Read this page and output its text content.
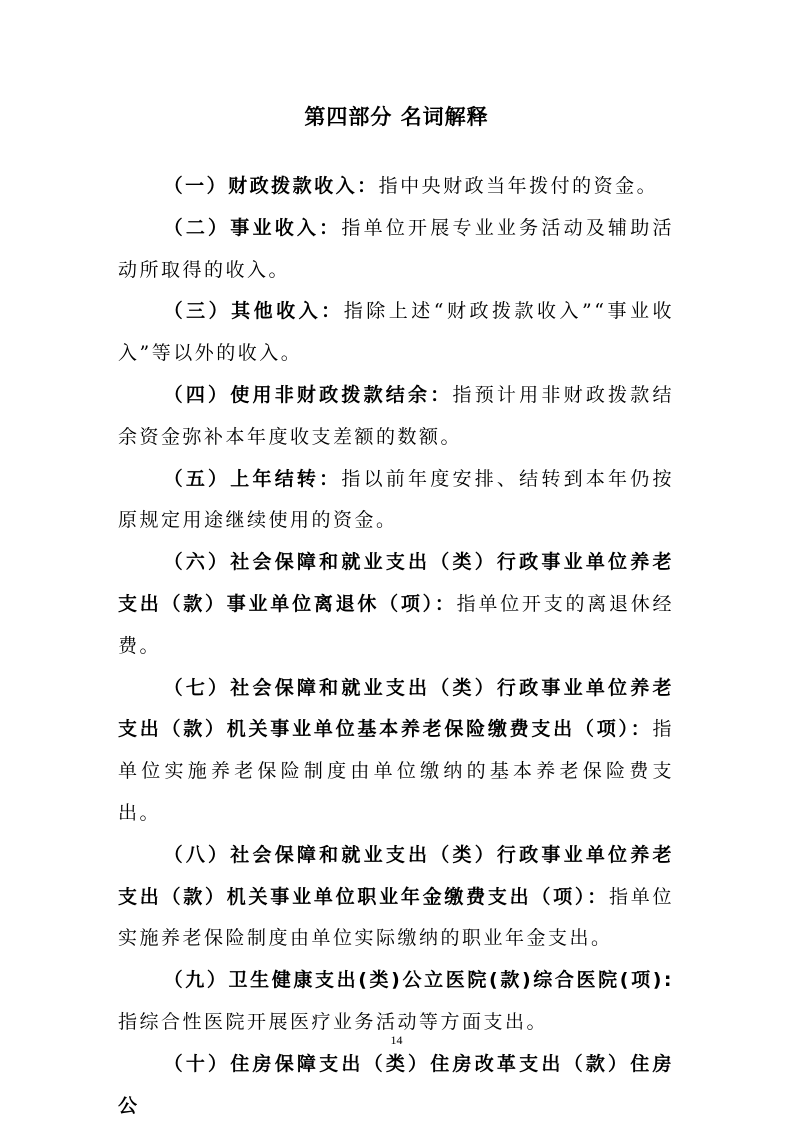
第四部分 名词解释

（一）财政拨款收入：指中央财政当年拨付的资金。

（二）事业收入：指单位开展专业业务活动及辅助活动所取得的收入。

（三）其他收入：指除上述“财政拨款收入”“事业收入”等以外的收入。

（四）使用非财政拨款结余：指预计用非财政拨款结余资金弥补本年度收支差额的数额。

（五）上年结转：指以前年度安排、结转到本年仍按原规定用途继续使用的资金。

（六）社会保障和就业支出（类）行政事业单位养老支出（款）事业单位离退休（项）：指单位开支的离退休经费。

（七）社会保障和就业支出（类）行政事业单位养老支出（款）机关事业单位基本养老保险缴费支出（项）：指单位实施养老保险制度由单位缴纳的基本养老保险费支出。

（八）社会保障和就业支出（类）行政事业单位养老支出（款）机关事业单位职业年金缴费支出（项）：指单位实施养老保险制度由单位实际缴纳的职业年金支出。

（九）卫生健康支出(类)公立医院(款)综合医院(项):指综合性医院开展医疗业务活动等方面支出。

（十）住房保障支出（类）住房改革支出（款）住房公

14
